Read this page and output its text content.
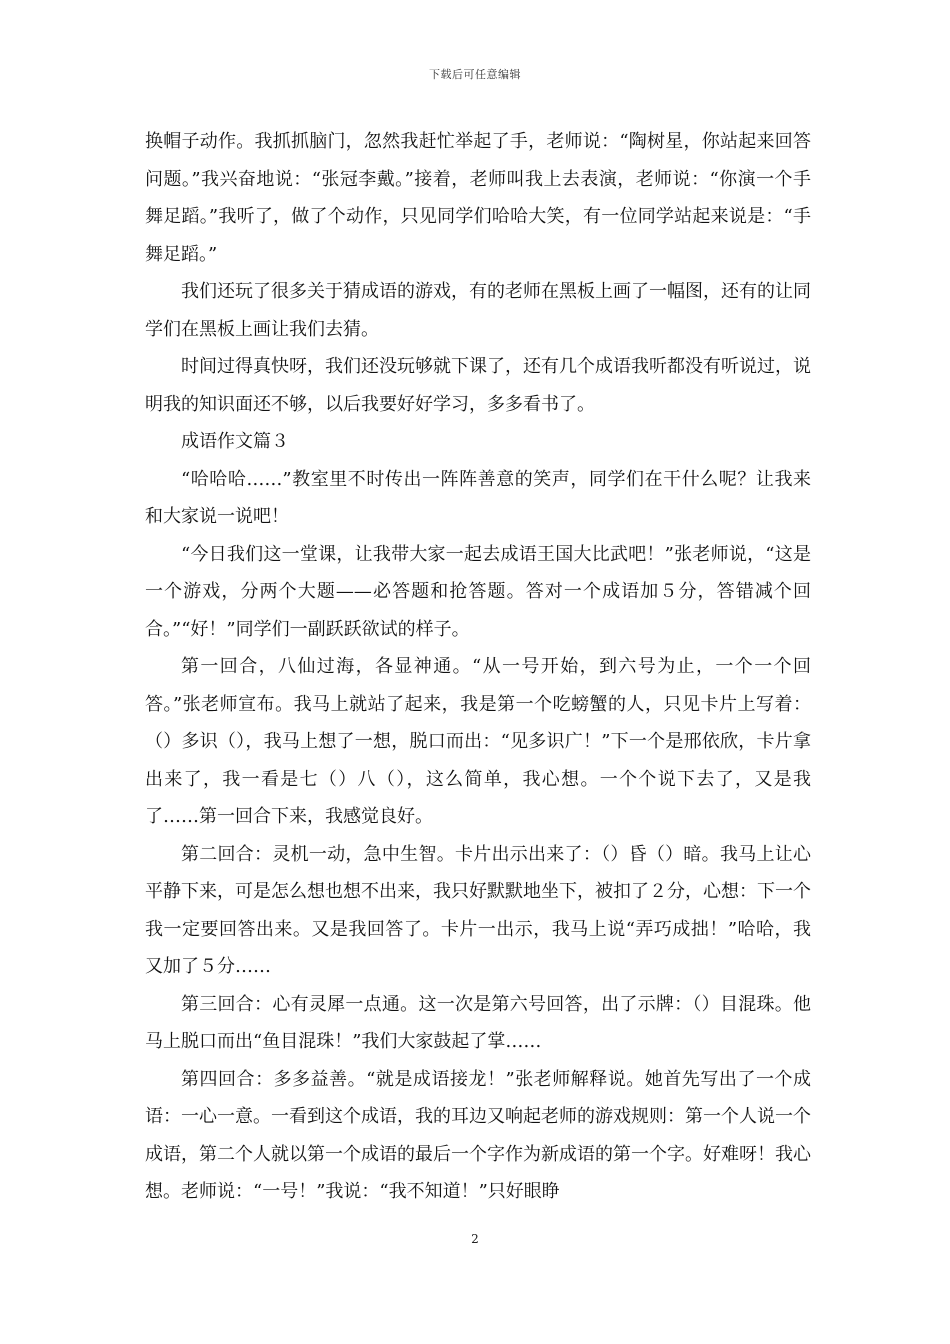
下载后可任意编辑

换帽子动作。我抓抓脑门，忽然我赶忙举起了手，老师说：“陶树星，你站起来回答问题。”我兴奋地说：“张冠李戴。”接着，老师叫我上去表演，老师说：“你演一个手舞足蹈。”我听了，做了个动作，只见同学们哈哈大笑，有一位同学站起来说是：“手舞足蹈。”

我们还玩了很多关于猜成语的游戏，有的老师在黑板上画了一幅图，还有的让同学们在黑板上画让我们去猜。

时间过得真快呀，我们还没玩够就下课了，还有几个成语我听都没有听说过，说明我的知识面还不够，以后我要好好学习，多多看书了。

成语作文篇３

“哈哈哈……”教室里不时传出一阵阵善意的笑声，同学们在干什么呢？让我来和大家说一说吧！

“今日我们这一堂课，让我带大家一起去成语王国大比武吧！”张老师说，“这是一个游戏，分两个大题——必答题和抢答题。答对一个成语加５分，答错减个回合。”“好！”同学们一副跃跃欲试的样子。

第一回合，八仙过海，各显神通。“从一号开始，到六号为止，一个一个回答。”张老师宣布。我马上就站了起来，我是第一个吃螃蟹的人，只见卡片上写着：（）多识（），我马上想了一想，脱口而出：“见多识广！”下一个是邢依欣，卡片拿出来了，我一看是七（）八（），这么简单，我心想。一个个说下去了，又是我了……第一回合下来，我感觉良好。

第二回合：灵机一动，急中生智。卡片出示出来了：（）昏（）暗。我马上让心平静下来，可是怎么想也想不出来，我只好默默地坐下，被扣了２分，心想：下一个我一定要回答出来。又是我回答了。卡片一出示，我马上说“弄巧成拙！”哈哈，我又加了５分……

第三回合：心有灵犀一点通。这一次是第六号回答，出了示牌：（）目混珠。他马上脱口而出“鱼目混珠！”我们大家鼓起了掌……

第四回合：多多益善。“就是成语接龙！”张老师解释说。她首先写出了一个成语：一心一意。一看到这个成语，我的耳边又响起老师的游戏规则：第一个人说一个成语，第二个人就以第一个成语的最后一个字作为新成语的第一个字。好难呀！我心想。老师说：“一号！”我说：“我不知道！”只好眼睁

2
